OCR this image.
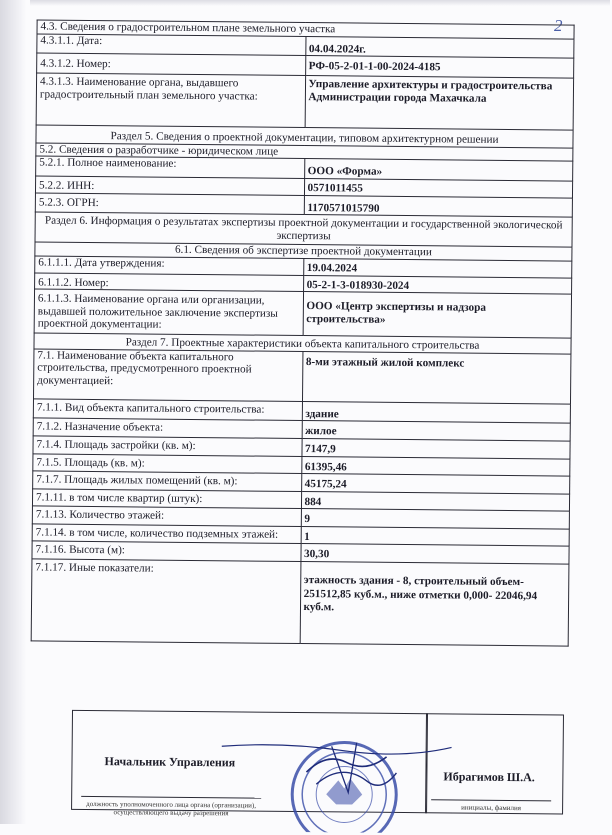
2
4.3. Сведения о градостроительном плане земельного участка	
4.3.1.1. Дата:	04.04.2024г.
4.3.1.2. Номер:	РФ-05-2-01-1-00-2024-4185
4.3.1.3. Наименование органа, выдавшего градостроительный план земельного участка:	Управление архитектуры и градостроительства Администрации города Махачкала
Раздел 5. Сведения о проектной документации, типовом архитектурном решении	
5.2. Сведения о разработчике - юридическом лице	
5.2.1. Полное наименование:	ООО «Форма»
5.2.2. ИНН:	0571011455
5.2.3. ОГРН:	1170571015790
Раздел 6. Информация о результатах экспертизы проектной документации и государственной экологической экспертизы	
6.1. Сведения об экспертизе проектной документации	
6.1.1.1. Дата утверждения:	19.04.2024
6.1.1.2. Номер:	05-2-1-3-018930-2024
6.1.1.3. Наименование органа или организации, выдавшей положительное заключение экспертизы проектной документации:	ООО «Центр экспертизы и надзора строительства»
Раздел 7. Проектные характеристики объекта капитального строительства	
7.1. Наименование объекта капитального строительства, предусмотренного проектной документацией:	8-ми этажный жилой комплекс
7.1.1. Вид объекта капитального строительства:	здание
7.1.2. Назначение объекта:	жилое
7.1.4. Площадь застройки (кв. м):	7147,9
7.1.5. Площадь (кв. м):	61395,46
7.1.7. Площадь жилых помещений (кв. м):	45175,24
7.1.11. в том числе квартир (штук):	884
7.1.13. Количество этажей:	9
7.1.14. в том числе, количество подземных этажей:	1
7.1.16. Высота (м):	30,30
7.1.17. Иные показатели:	этажность здания - 8, строительный объем- 251512,85 куб.м., ниже отметки 0,000- 22046,94 куб.м.
Начальник Управления
Ибрагимов Ш.А.
должность уполномоченного лица органа (организации), осуществляющего выдачу разрешения
инициалы, фамилия
